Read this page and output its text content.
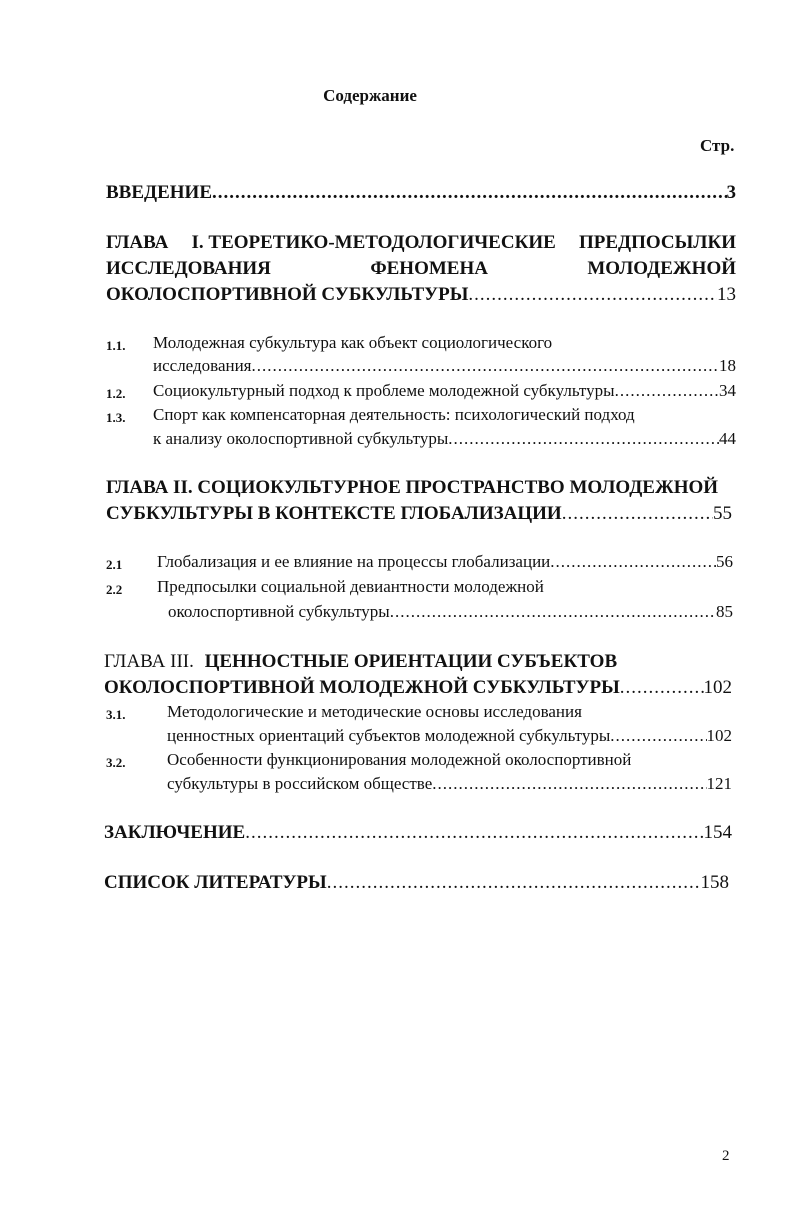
Содержание
Стр.
ВВЕДЕНИЕ .....	3
ГЛАВА I. ТЕОРЕТИКО-МЕТОДОЛОГИЧЕСКИЕ ПРЕДПОСЫЛКИ
ИССЛЕДОВАНИЯ	ФЕНОМЕНА	МОЛОДЕЖНОЙ
ОКОЛОСПОРТИВНОЙ СУБКУЛЬТУРЫ .....	13
1.1. Молодежная субкультура как объект социологического
исследования .....	18
1.2. Социокультурный подход к проблеме молодежной субкультуры .....	34
1.3. Спорт как компенсаторная деятельность: психологический подход
к анализу околоспортивной субкультуры .....	44
ГЛАВА II. СОЦИОКУЛЬТУРНОЕ ПРОСТРАНСТВО МОЛОДЕЖНОЙ
СУБКУЛЬТУРЫ В КОНТЕКСТЕ ГЛОБАЛИЗАЦИИ .....	55
2.1 Глобализация и ее влияние на процессы глобализации .....	56
2.2 Предпосылки социальной девиантности молодежной
околоспортивной субкультуры .....	85
ГЛАВА III. ЦЕННОСТНЫЕ ОРИЕНТАЦИИ СУБЪЕКТОВ
ОКОЛОСПОРТИВНОЙ МОЛОДЕЖНОЙ СУБКУЛЬТУРЫ .....	102
3.1. Методологические и методические основы исследования
ценностных ориентаций субъектов молодежной субкультуры .....	102
3.2. Особенности функционирования молодежной околоспортивной
субкультуры в российском обществе .....	121
ЗАКЛЮЧЕНИЕ .....	154
СПИСОК ЛИТЕРАТУРЫ .....	158
2
